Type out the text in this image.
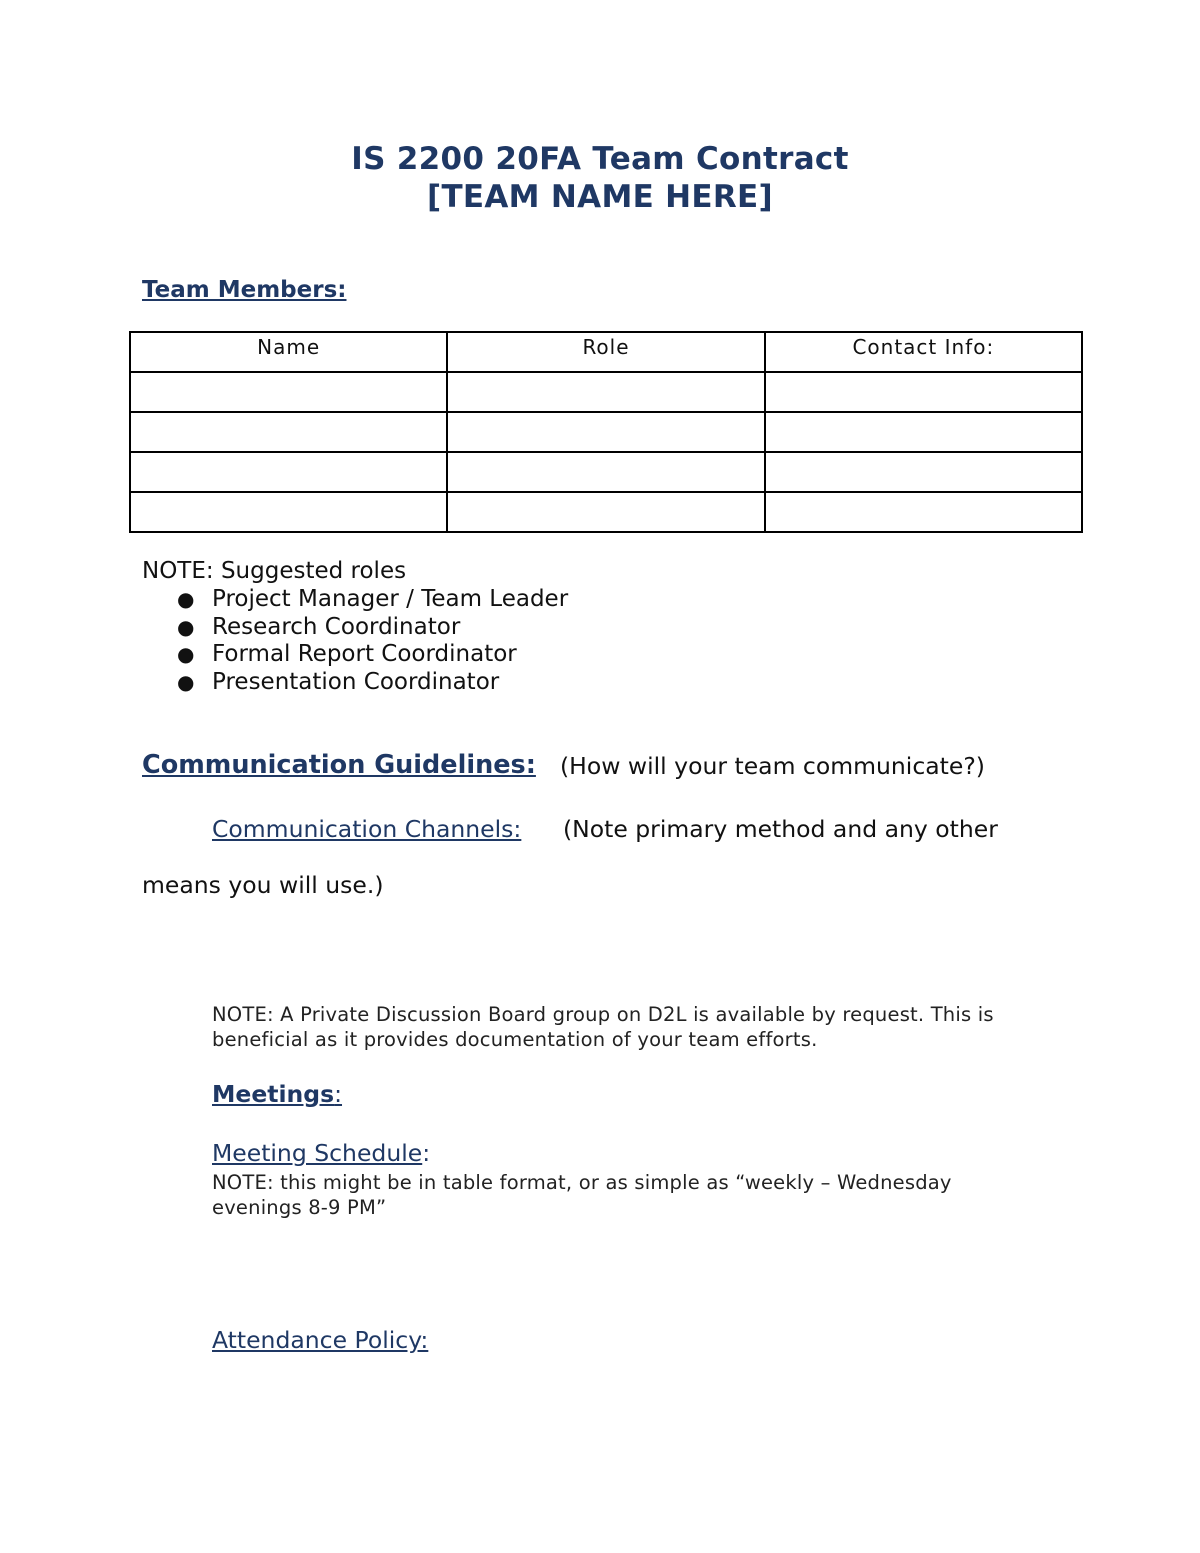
IS 2200 20FA Team Contract
[TEAM NAME HERE]
Team Members:
Name	Role	Contact Info:

NOTE: Suggested roles
● Project Manager / Team Leader
● Research Coordinator
● Formal Report Coordinator
● Presentation Coordinator
Communication Guidelines: (How will your team communicate?)
Communication Channels: (Note primary method and any other
means you will use.)
NOTE: A Private Discussion Board group on D2L is available by request. This is beneficial as it provides documentation of your team efforts.
Meetings:
Meeting Schedule:
NOTE: this might be in table format, or as simple as “weekly – Wednesday evenings 8-9 PM”
Attendance Policy:
